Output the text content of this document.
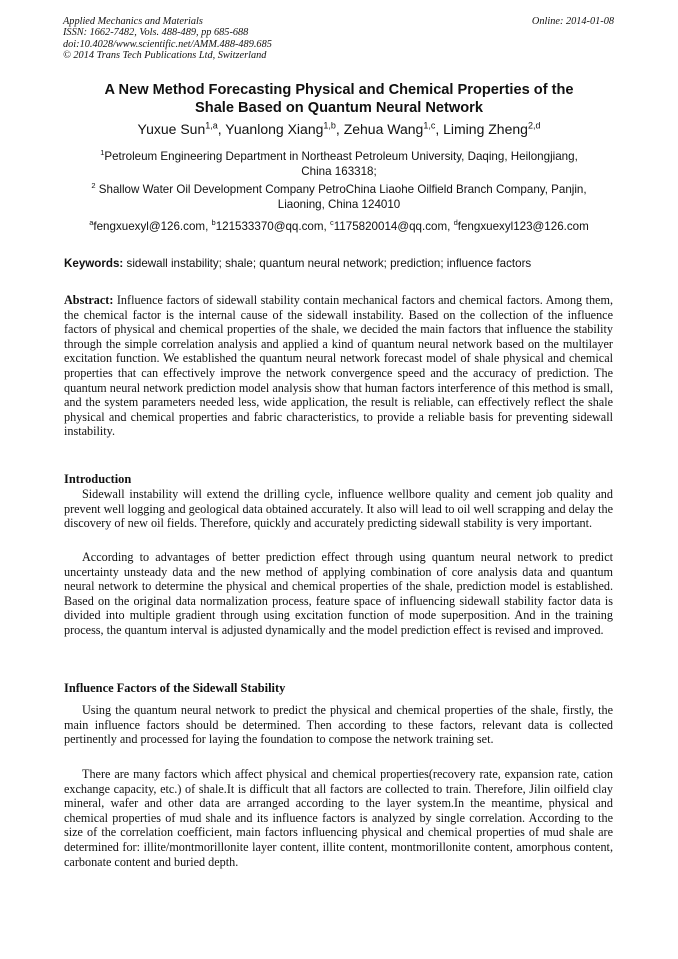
Applied Mechanics and Materials
ISSN: 1662-7482, Vols. 488-489, pp 685-688
doi:10.4028/www.scientific.net/AMM.488-489.685
© 2014 Trans Tech Publications Ltd, Switzerland
Online: 2014-01-08
A New Method Forecasting Physical and Chemical Properties of the
Shale Based on Quantum Neural Network
Yuxue Sun$^{1,a}$, Yuanlong Xiang$^{1,b}$, Zehua Wang$^{1,c}$, Liming Zheng$^{2,d}$
$^1$Petroleum Engineering Department in Northeast Petroleum University, Daqing, Heilongjiang,
China 163318;
$^2$ Shallow Water Oil Development Company PetroChina Liaohe Oilfield Branch Company, Panjin,
Liaoning, China 124010
$^a$fengxuexyl@126.com, $^b$121533370@qq.com, $^c$1175820014@qq.com, $^d$fengxuexyl123@126.com
Keywords: sidewall instability; shale; quantum neural network; prediction; influence factors

Abstract: Influence factors of sidewall stability contain mechanical factors and chemical factors. Among them, the chemical factor is the internal cause of the sidewall instability. Based on the collection of the influence factors of physical and chemical properties of the shale, we decided the main factors that influence the stability through the simple correlation analysis and applied a kind of quantum neural network based on the multilayer excitation function. We established the quantum neural network forecast model of shale physical and chemical properties that can effectively improve the network convergence speed and the accuracy of prediction. The quantum neural network prediction model analysis show that human factors interference of this method is small, and the system parameters needed less, wide application, the result is reliable, can effectively reflect the shale physical and chemical properties and fabric characteristics, to provide a reliable basis for preventing sidewall instability.

Introduction

Sidewall instability will extend the drilling cycle, influence wellbore quality and cement job quality and prevent well logging and geological data obtained accurately. It also will lead to oil well scrapping and delay the discovery of new oil fields. Therefore, quickly and accurately predicting sidewall stability is very important.

According to advantages of better prediction effect through using quantum neural network to predict uncertainty unsteady data and the new method of applying combination of core analysis data and quantum neural network to determine the physical and chemical properties of the shale, prediction model is established. Based on the original data normalization process, feature space of influencing sidewall stability factor data is divided into multiple gradient through using excitation function of mode superposition. And in the training process, the quantum interval is adjusted dynamically and the model prediction effect is revised and improved.

Influence Factors of the Sidewall Stability

Using the quantum neural network to predict the physical and chemical properties of the shale, firstly, the main influence factors should be determined. Then according to these factors, relevant data is collected pertinently and processed for laying the foundation to compose the network training set.

There are many factors which affect physical and chemical properties(recovery rate, expansion rate, cation exchange capacity, etc.) of shale.It is difficult that all factors are collected to train. Therefore, Jilin oilfield clay mineral, wafer and other data are arranged according to the layer system.In the meantime, physical and chemical properties of mud shale and its influence factors is analyzed by single correlation. According to the size of the correlation coefficient, main factors influencing physical and chemical properties of mud shale are determined for: illite/montmorillonite layer content, illite content, montmorillonite content, amorphous content, carbonate content and buried depth.
